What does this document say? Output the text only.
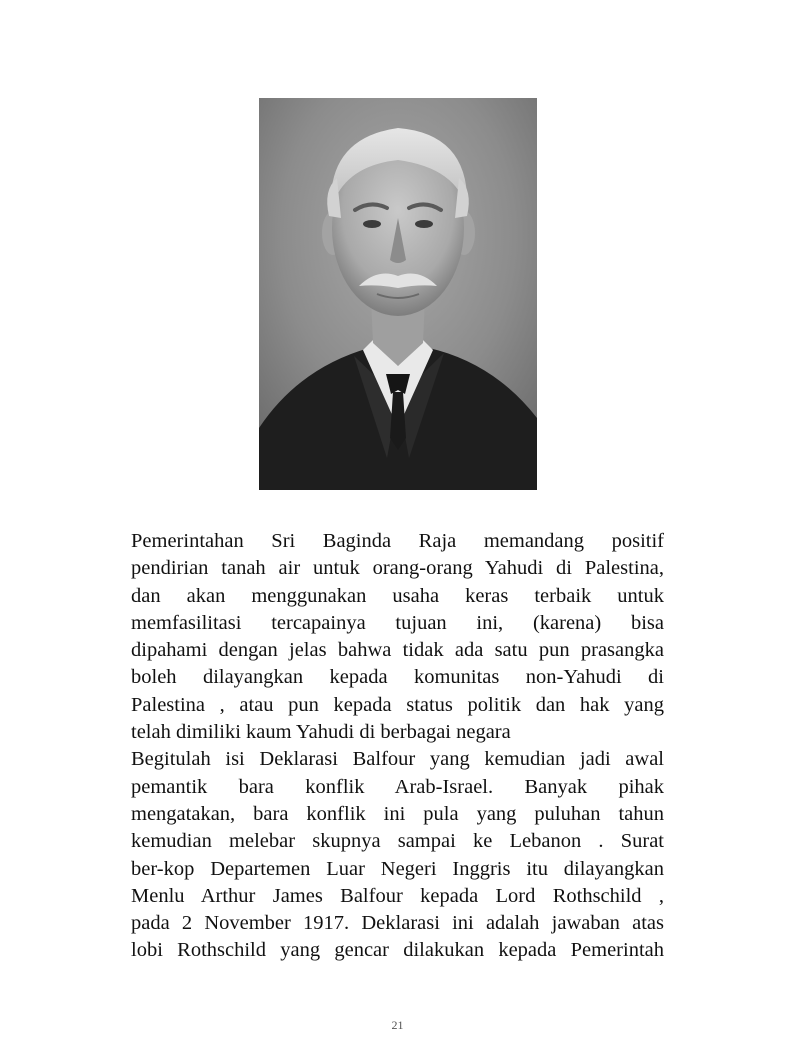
Pemerintahan Sri Baginda Raja memandang positif
pendirian tanah air untuk orang-orang Yahudi di Palestina,
dan akan menggunakan usaha keras terbaik untuk
memfasilitasi tercapainya tujuan ini, (karena) bisa
dipahami dengan jelas bahwa tidak ada satu pun prasangka
boleh dilayangkan kepada komunitas non-Yahudi di
Palestina , atau pun kepada status politik dan hak yang
telah dimiliki kaum Yahudi di berbagai negara
Begitulah isi Deklarasi Balfour yang kemudian jadi awal
pemantik bara konflik Arab-Israel. Banyak pihak
mengatakan, bara konflik ini pula yang puluhan tahun
kemudian melebar skupnya sampai ke Lebanon . Surat
ber-kop Departemen Luar Negeri Inggris itu dilayangkan
Menlu Arthur James Balfour kepada Lord Rothschild ,
pada 2 November 1917. Deklarasi ini adalah jawaban atas
lobi Rothschild yang gencar dilakukan kepada Pemerintah
21
